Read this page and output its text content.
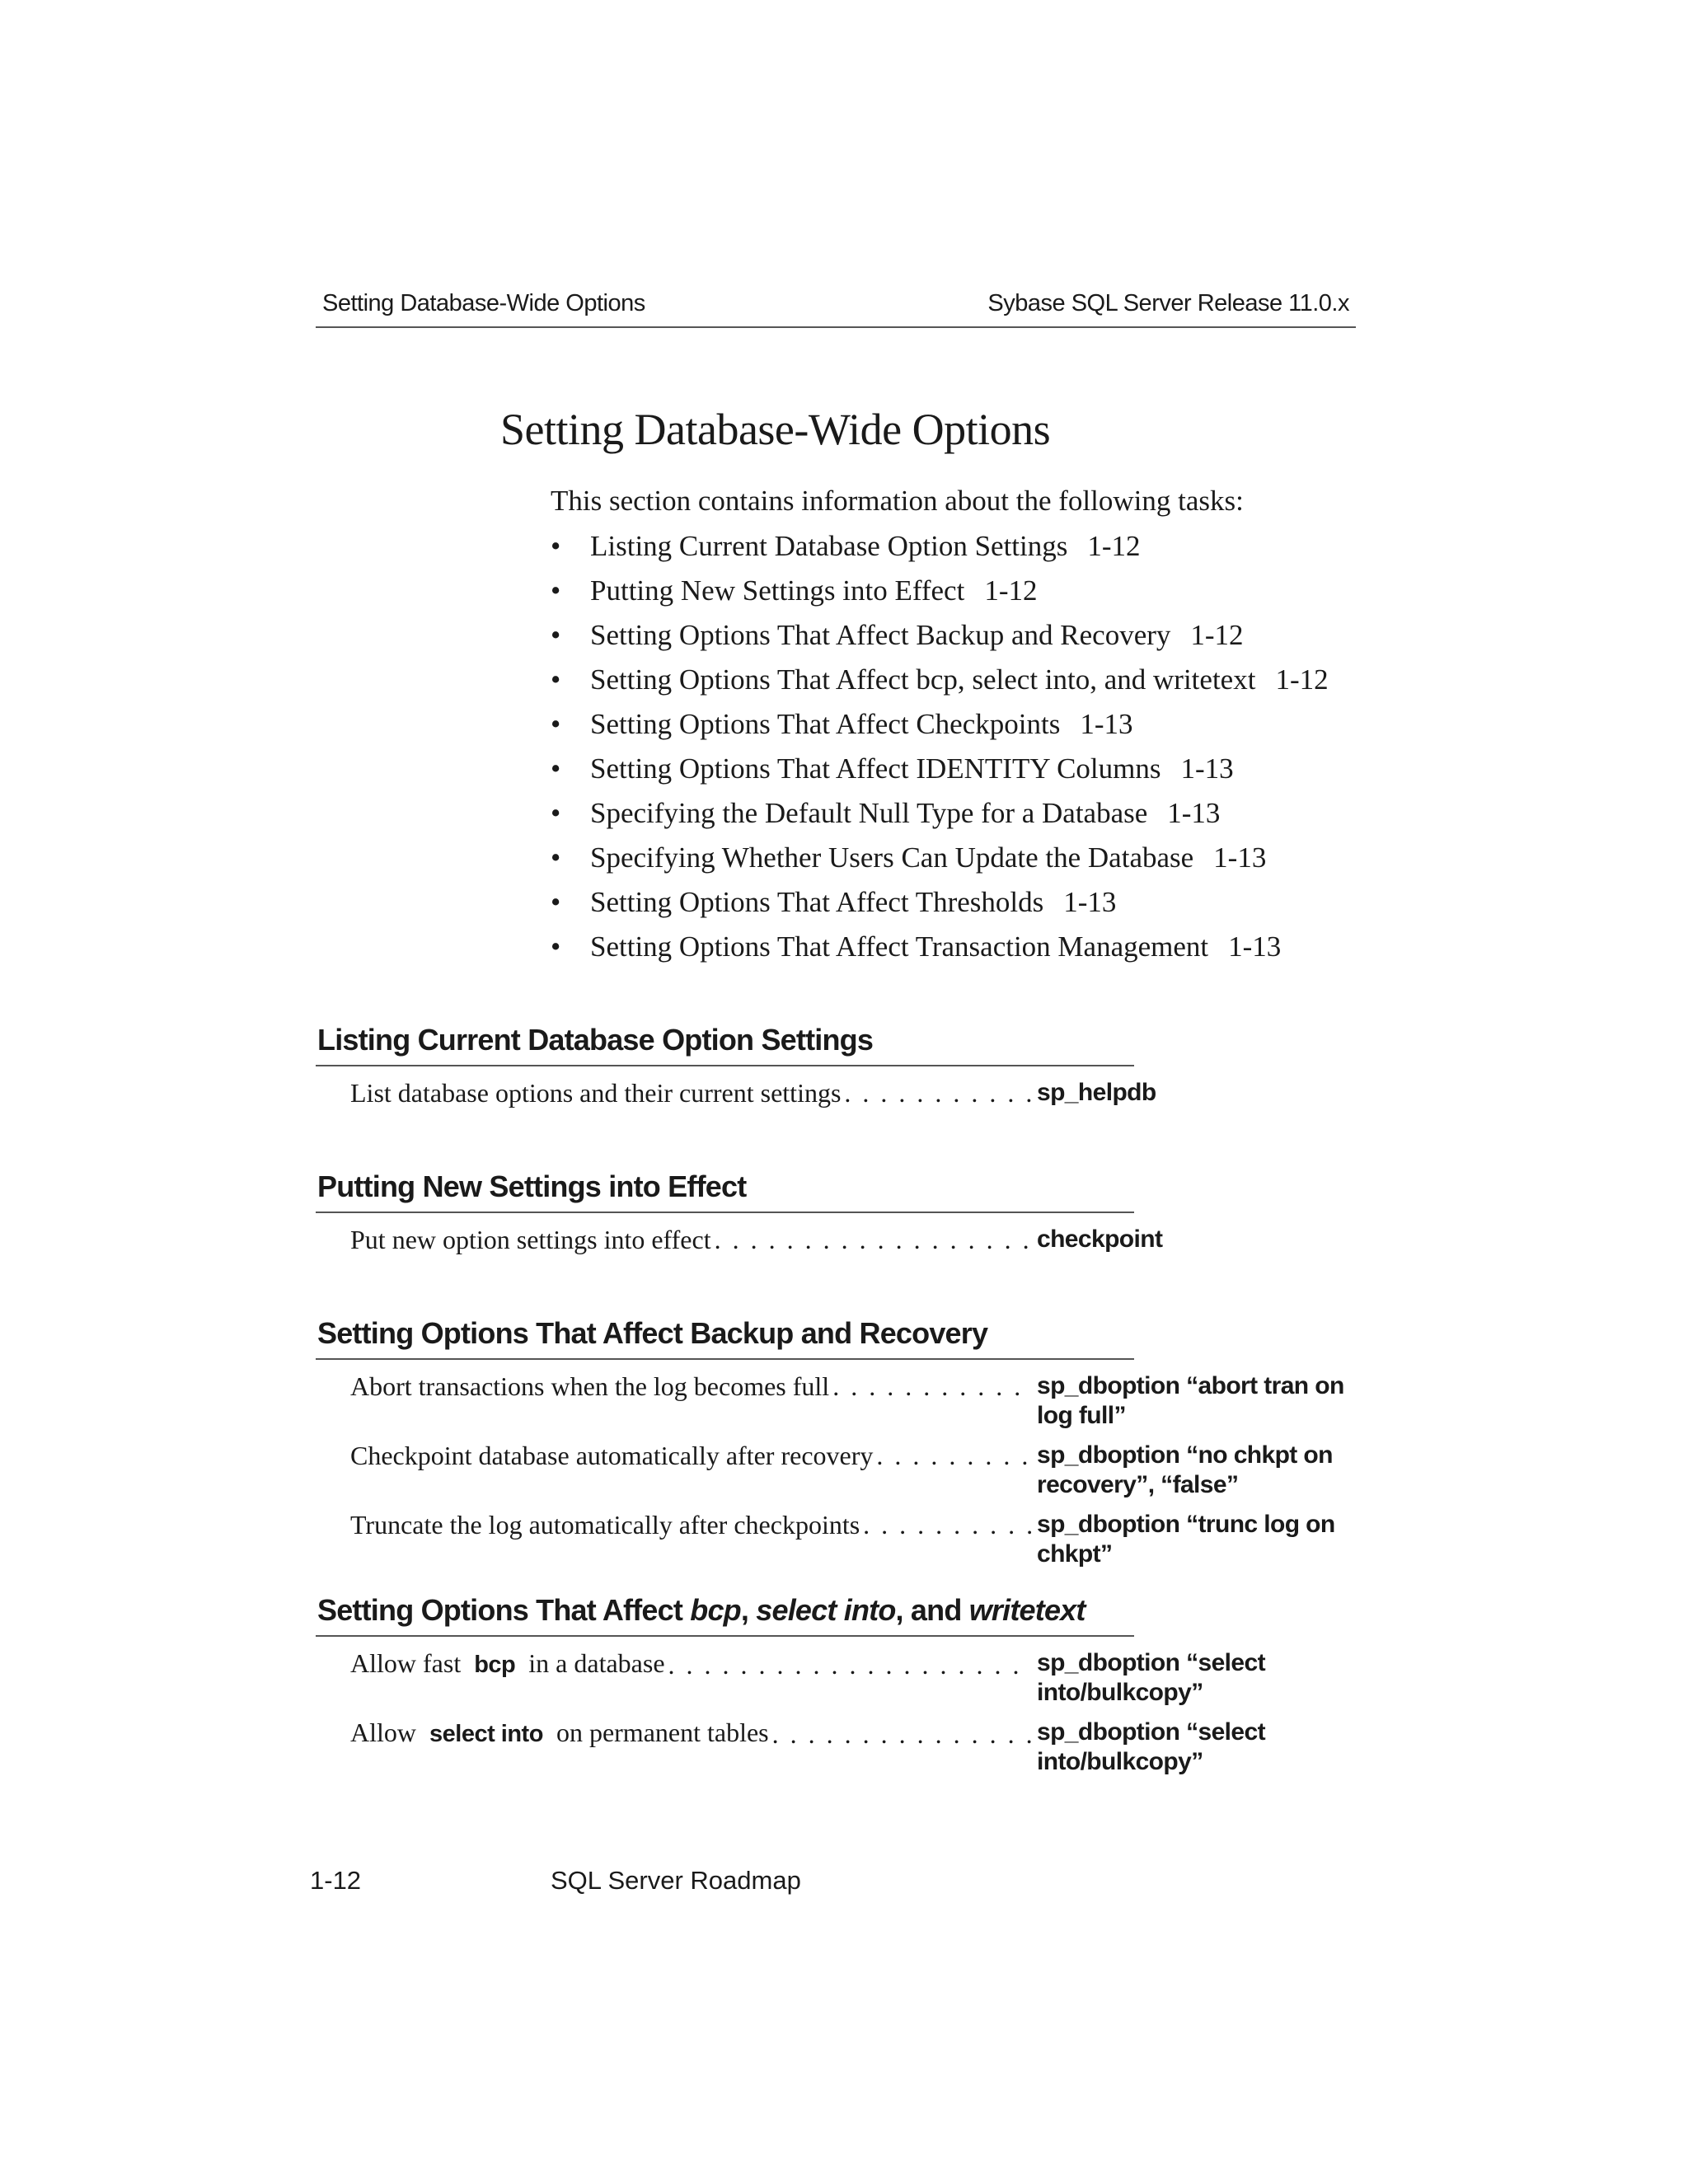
Setting Database-Wide Options	Sybase SQL Server Release 11.0.x
Setting Database-Wide Options
This section contains information about the following tasks:
•	Listing Current Database Option Settings 1-12
•	Putting New Settings into Effect 1-12
•	Setting Options That Affect Backup and Recovery 1-12
•	Setting Options That Affect bcp, select into, and writetext 1-12
•	Setting Options That Affect Checkpoints 1-13
•	Setting Options That Affect IDENTITY Columns 1-13
•	Specifying the Default Null Type for a Database 1-13
•	Specifying Whether Users Can Update the Database 1-13
•	Setting Options That Affect Thresholds 1-13
•	Setting Options That Affect Transaction Management 1-13
Listing Current Database Option Settings
List database options and their current settings . . .	sp_helpdb
Putting New Settings into Effect
Put new option settings into effect . . .	checkpoint
Setting Options That Affect Backup and Recovery
Abort transactions when the log becomes full . . .	sp_dboption “abort tran on log full”
Checkpoint database automatically after recovery . . .	sp_dboption “no chkpt on recovery”, “false”
Truncate the log automatically after checkpoints . . .	sp_dboption “trunc log on chkpt”
Setting Options That Affect
bcp ,
select into , and
writetext
Allow fast  bcp  in a database . . .	sp_dboption “select into/bulkcopy”
Allow  select into  on permanent tables . . .	sp_dboption “select into/bulkcopy”
1-12	SQL Server Roadmap
